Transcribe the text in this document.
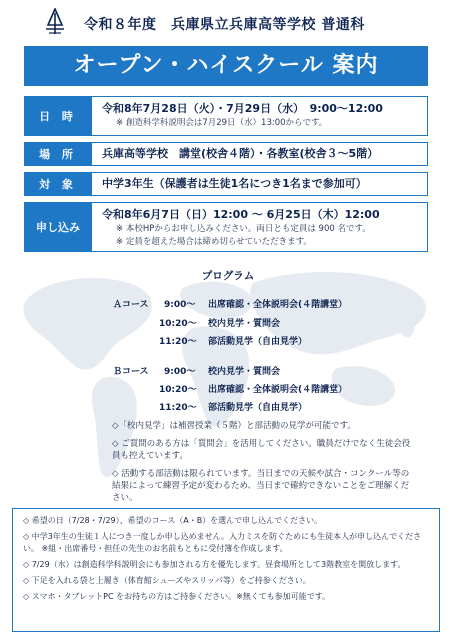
令和８年度　兵庫県立兵庫高等学校 普通科
オープン・ハイスクール 案内
日 時
令和8年7月28日（火）・7月29日（水）　9:00～12:00
※ 創造科学科説明会は7月29日（水）13:00からです。
場 所	兵庫高等学校　講堂(校舎４階）・各教室(校舎３～5階）
対 象	中学3年生（保護者は生徒1名につき1名まで参加可）
申し込み
令和8年6月7日（日）12:00 ～ 6月25日（木）12:00
※ 本校HPからお申し込みください。両日とも定員は 900 名です。
※ 定員を超えた場合は締め切らせていただきます。
プログラム
Ａコース 9:00～ 出席確認・全体説明会(４階講堂）
10:20～ 校内見学・質問会
11:20～ 部活動見学（自由見学）
Ｂコース 9:00～ 校内見学・質問会
10:20～ 出席確認・全体説明会(４階講堂）
11:20～ 部活動見学（自由見学）
◇「校内見学」は補習授業（５階）と部活動の見学が可能です。
◇ ご質問のある方は「質問会」を活用してください。職員だけでな​く生徒会役員も控えています。
◇ 活動する部活動は限られています。当日までの天候や試合・コンクール等の結果によって練習予定が変わるため、当日まで確約できないことをご理解ください。
◇ 希望の日（7/28・7/29）、希望のコース（A・B）を選んで申し込んでください。
◇ 中学3年生の生徒１人につき一度しか申し込めません。入力ミスを防ぐためにも生徒本人が申し込んでください。 ※組・出席番号・担任の先生のお名前もともに受付簿を作成します。
◇ 7/29（水）は創造科学科説明会にも参加される方を優先します。昼食場所として3階教室を開放します。
◇ 下足を入れる袋と上履き（体育館シューズやスリッパ等）をご持参ください。
◇ スマホ・タブレットPC をお持ちの方はご持参ください。※無くても参加可能です。
